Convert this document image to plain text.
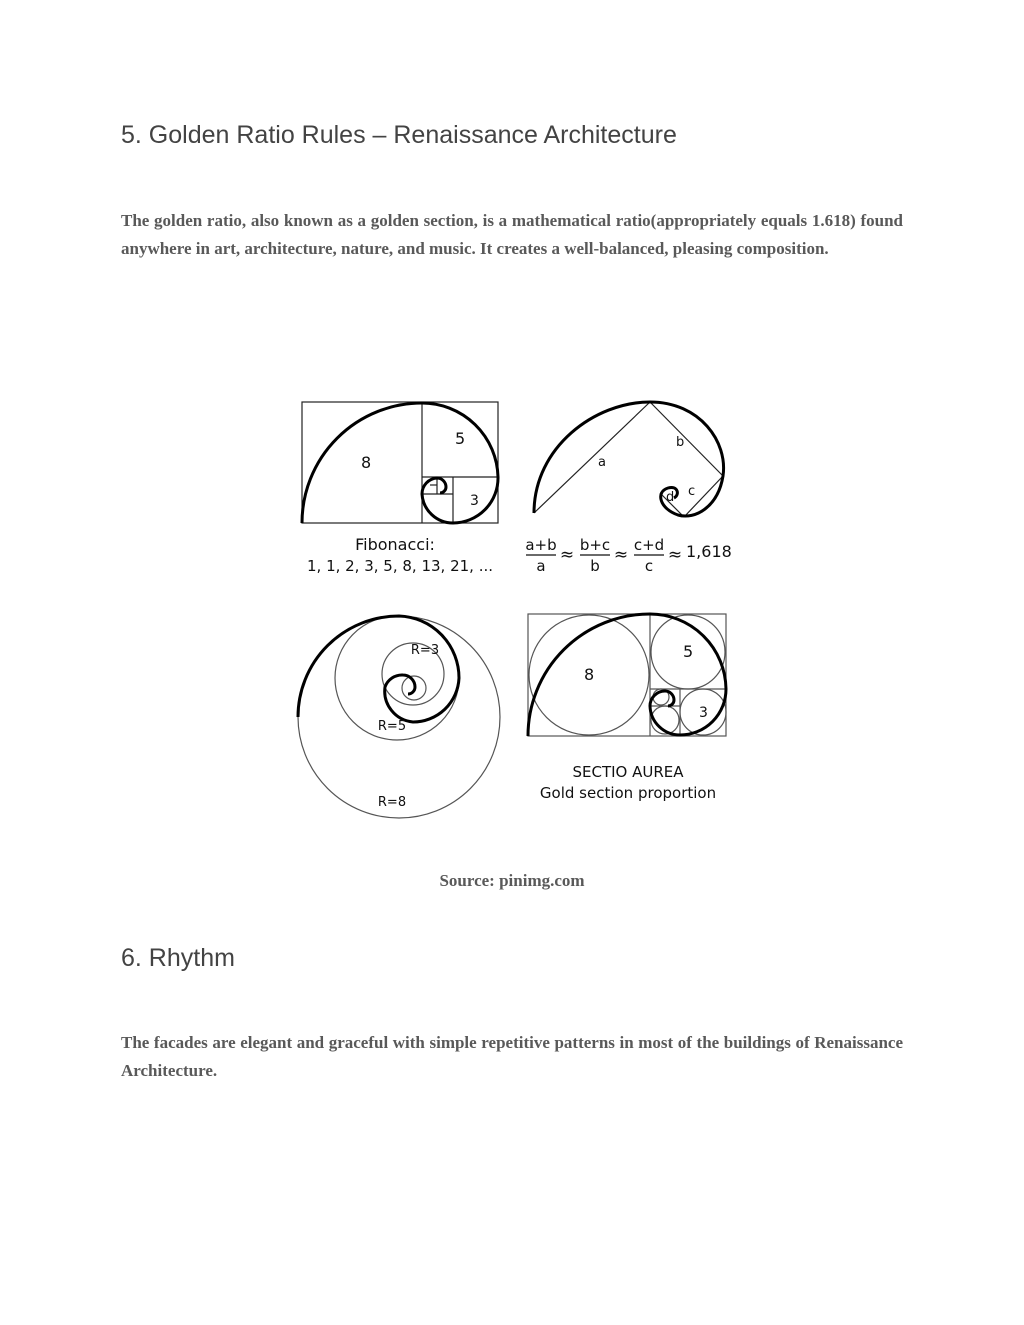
5. Golden Ratio Rules – Renaissance Architecture

The golden ratio, also known as a golden section, is a mathematical ratio(appropriately equals 1.618) found anywhere in art, architecture, nature, and music. It creates a well-balanced, pleasing composition.

8
5
3
Fibonacci:
1, 1, 2, 3, 5, 8, 13, 21, ...
a
b
c
d
a+b
a
≈ b+c
b
≈ c+d
c
≈ 1,618
R=3
R=5
R=8
8
5
3
SECTIO AUREA
Gold section proportion
Source: pinimg.com
6. Rhythm

The facades are elegant and graceful with simple repetitive patterns in most of the buildings of Renaissance Architecture.
